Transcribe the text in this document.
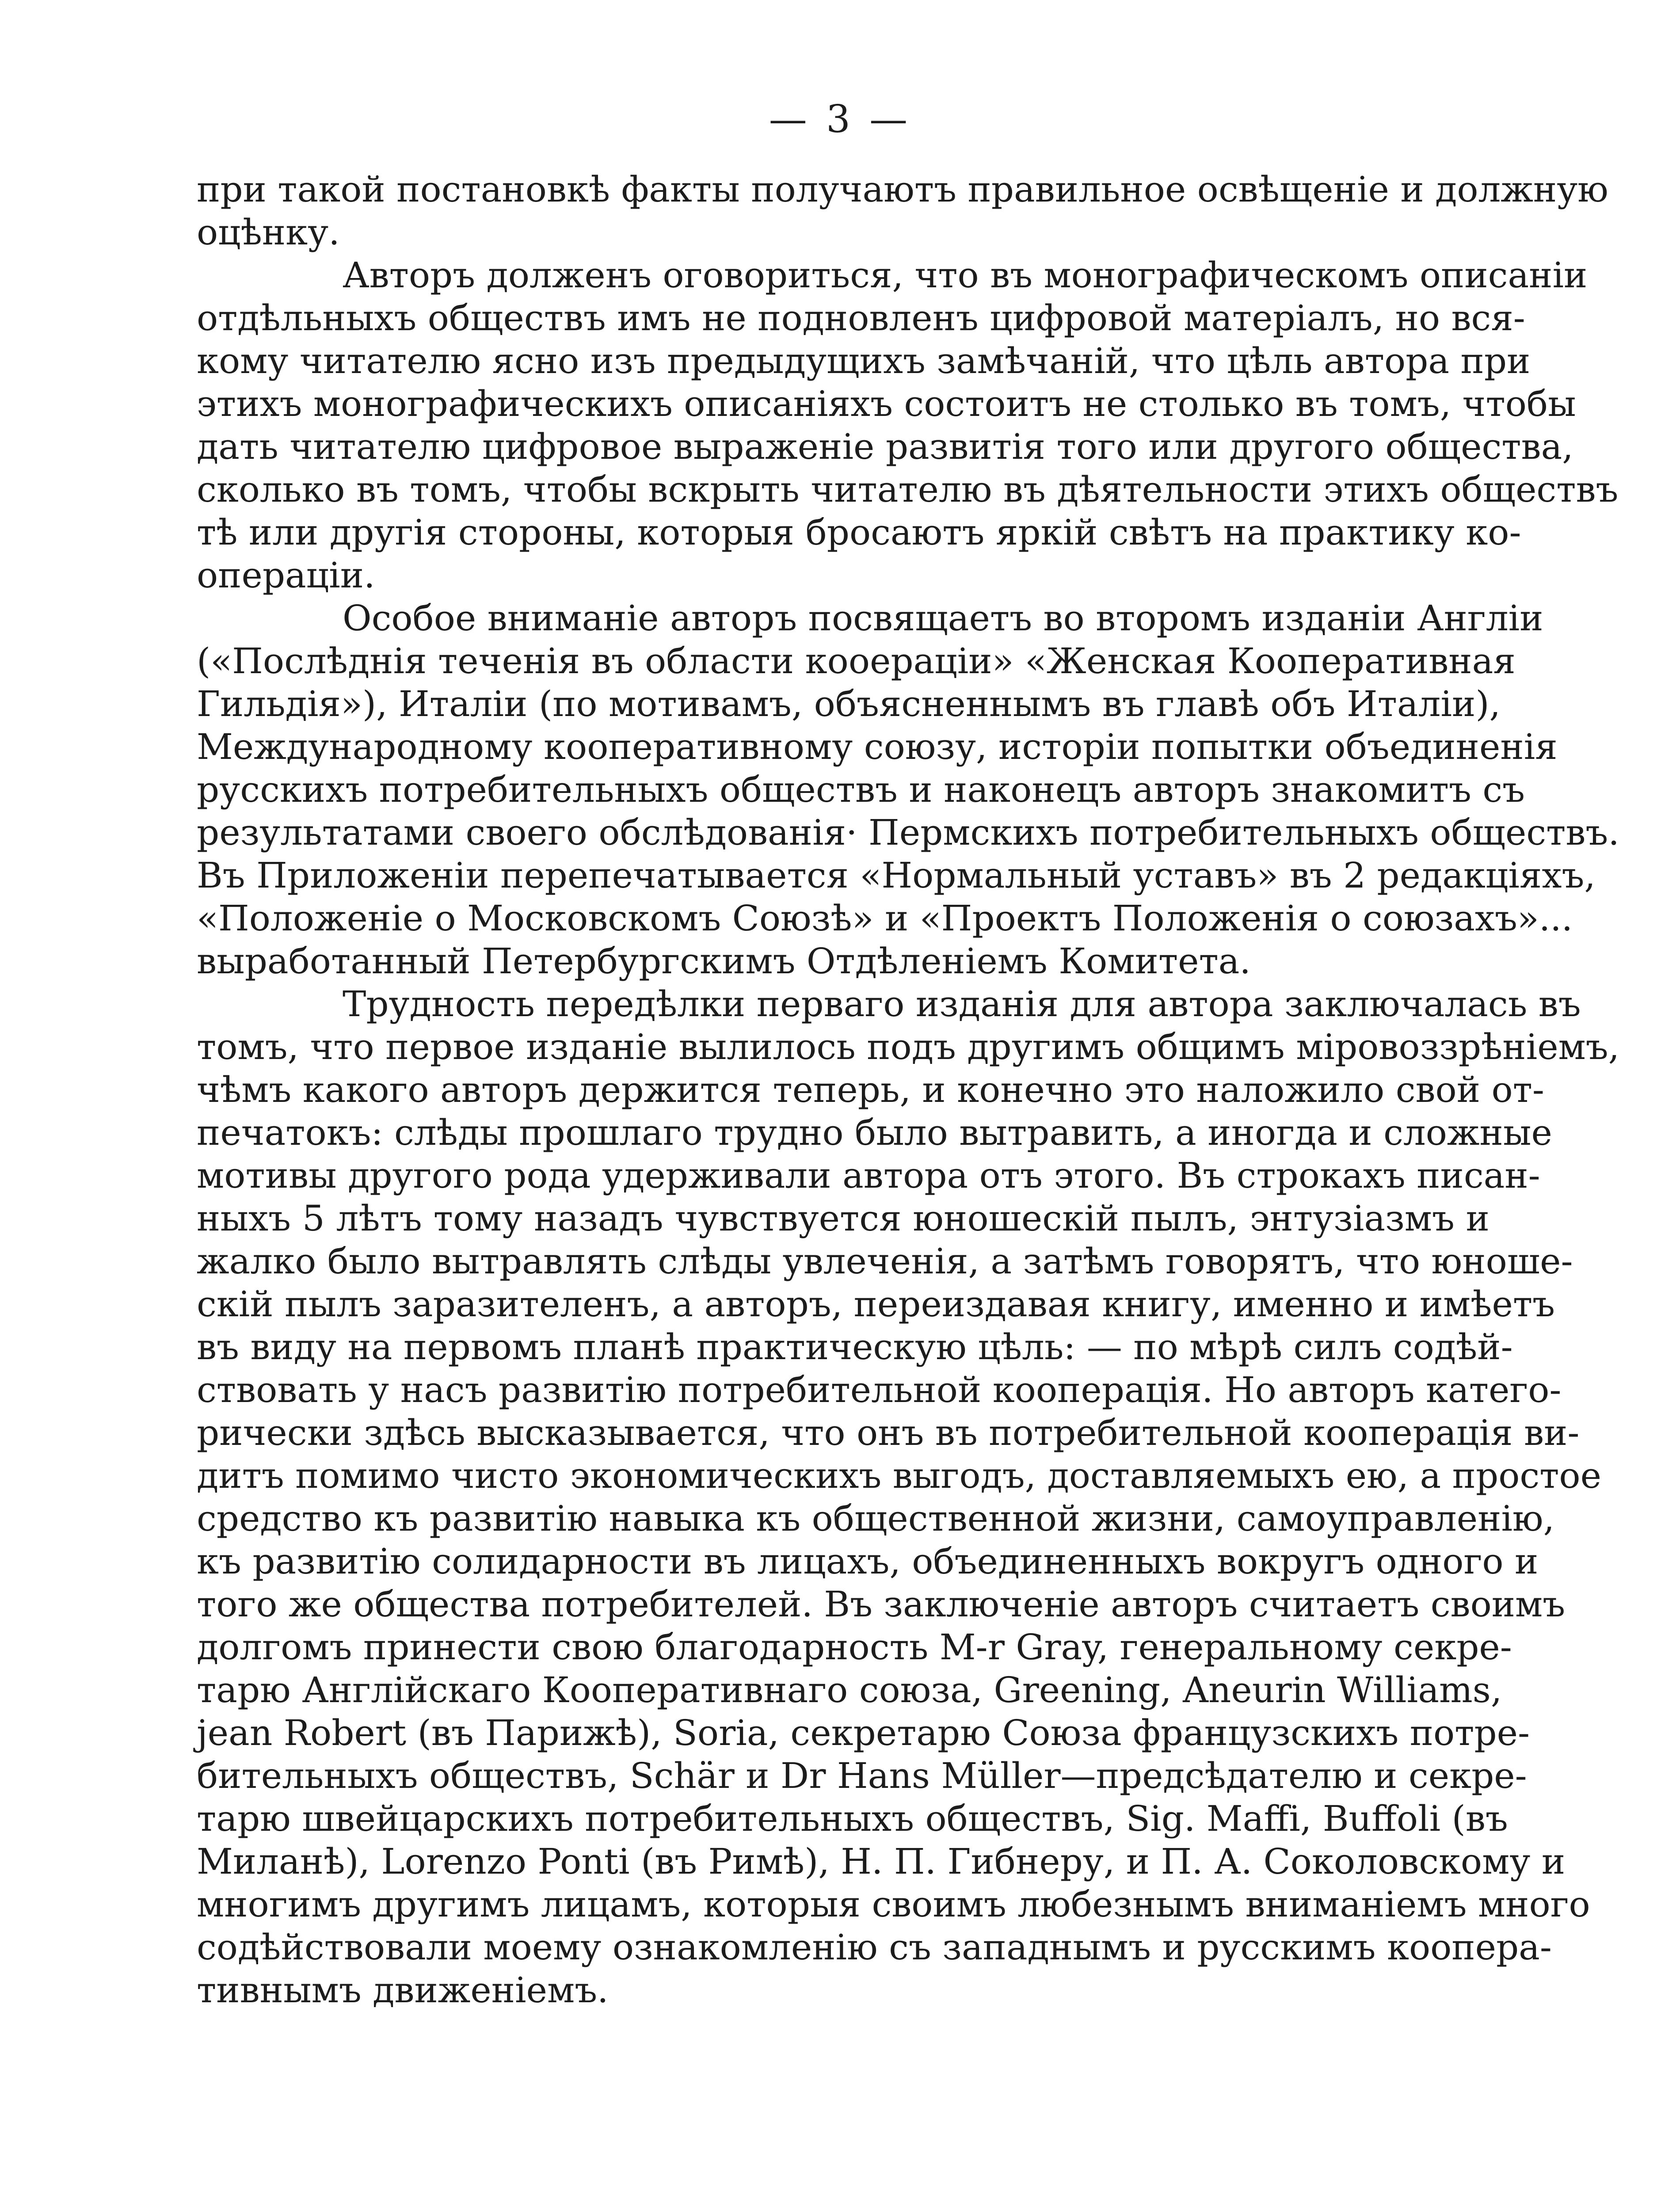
— 3 —
при такой постановкѣ факты получаютъ правильное освѣщеніе и должную
оцѣнку.
Авторъ долженъ оговориться, что въ монографическомъ описаніи
отдѣльныхъ обществъ имъ не подновленъ цифровой матеріалъ, но вся-
кому читателю ясно изъ предыдущихъ замѣчаній, что цѣль автора при
этихъ монографическихъ описаніяхъ состоитъ не столько въ томъ, чтобы
дать читателю цифровое выраженіе развитія того или другого общества,
сколько въ томъ, чтобы вскрыть читателю въ дѣятельности этихъ обществъ
тѣ или другія стороны, которыя бросаютъ яркій свѣтъ на практику ко-
операціи.
Особое вниманіе авторъ посвящаетъ во второмъ изданіи Англіи
(«Послѣднія теченія въ области кооераціи» «Женская Кооперативная
Гильдія»), Италіи (по мотивамъ, объясненнымъ въ главѣ объ Италіи),
Международному кооперативному союзу, исторіи попытки объединенія
русскихъ потребительныхъ обществъ и наконецъ авторъ знакомитъ съ
результатами своего обслѣдованія· Пермскихъ потребительныхъ обществъ.
Въ Приложеніи перепечатывается «Нормальный уставъ» въ 2 редакціяхъ,
«Положеніе о Московскомъ Союзѣ» и «Проектъ Положенія о союзахъ»...
выработанный Петербургскимъ Отдѣленіемъ Комитета.
Трудность передѣлки перваго изданія для автора заключалась въ
томъ, что первое изданіе вылилось подъ другимъ общимъ міровоззрѣніемъ,
чѣмъ какого авторъ держится теперь, и конечно это наложило свой от-
печатокъ: слѣды прошлаго трудно было вытравить, а иногда и сложные
мотивы другого рода удерживали автора отъ этого. Въ строкахъ писан-
ныхъ 5 лѣтъ тому назадъ чувствуется юношескій пылъ, энтузіазмъ и
жалко было вытравлять слѣды увлеченія, а затѣмъ говорятъ, что юноше-
скій пылъ заразителенъ, а авторъ, переиздавая книгу, именно и имѣетъ
въ виду на первомъ планѣ практическую цѣль: — по мѣрѣ силъ содѣй-
ствовать у насъ развитію потребительной кооперація. Но авторъ катего-
рически здѣсь высказывается, что онъ въ потребительной кооперація ви-
дитъ помимо чисто экономическихъ выгодъ, доставляемыхъ ею, а простое
средство къ развитію навыка къ общественной жизни, самоуправленію,
къ развитію солидарности въ лицахъ, объединенныхъ вокругъ одного и
того же общества потребителей. Въ заключеніе авторъ считаетъ своимъ
долгомъ принести свою благодарность M-r Gray, генеральному секре-
тарю Англійскаго Кооперативнаго союза, Greening, Aneurin Williams,
jean Robert (въ Парижѣ), Soria, секретарю Союза французскихъ потре-
бительныхъ обществъ, Schär и Dr Hans Müller—предсѣдателю и секре-
тарю швейцарскихъ потребительныхъ обществъ, Sig. Maffi, Buffoli (въ
Миланѣ), Lorenzo Ponti (въ Римѣ), Н. П. Гибнеру, и П. А. Соколовскому и
многимъ другимъ лицамъ, которыя своимъ любезнымъ вниманіемъ много
содѣйствовали моему ознакомленію съ западнымъ и русскимъ коопера-
тивнымъ движеніемъ.
